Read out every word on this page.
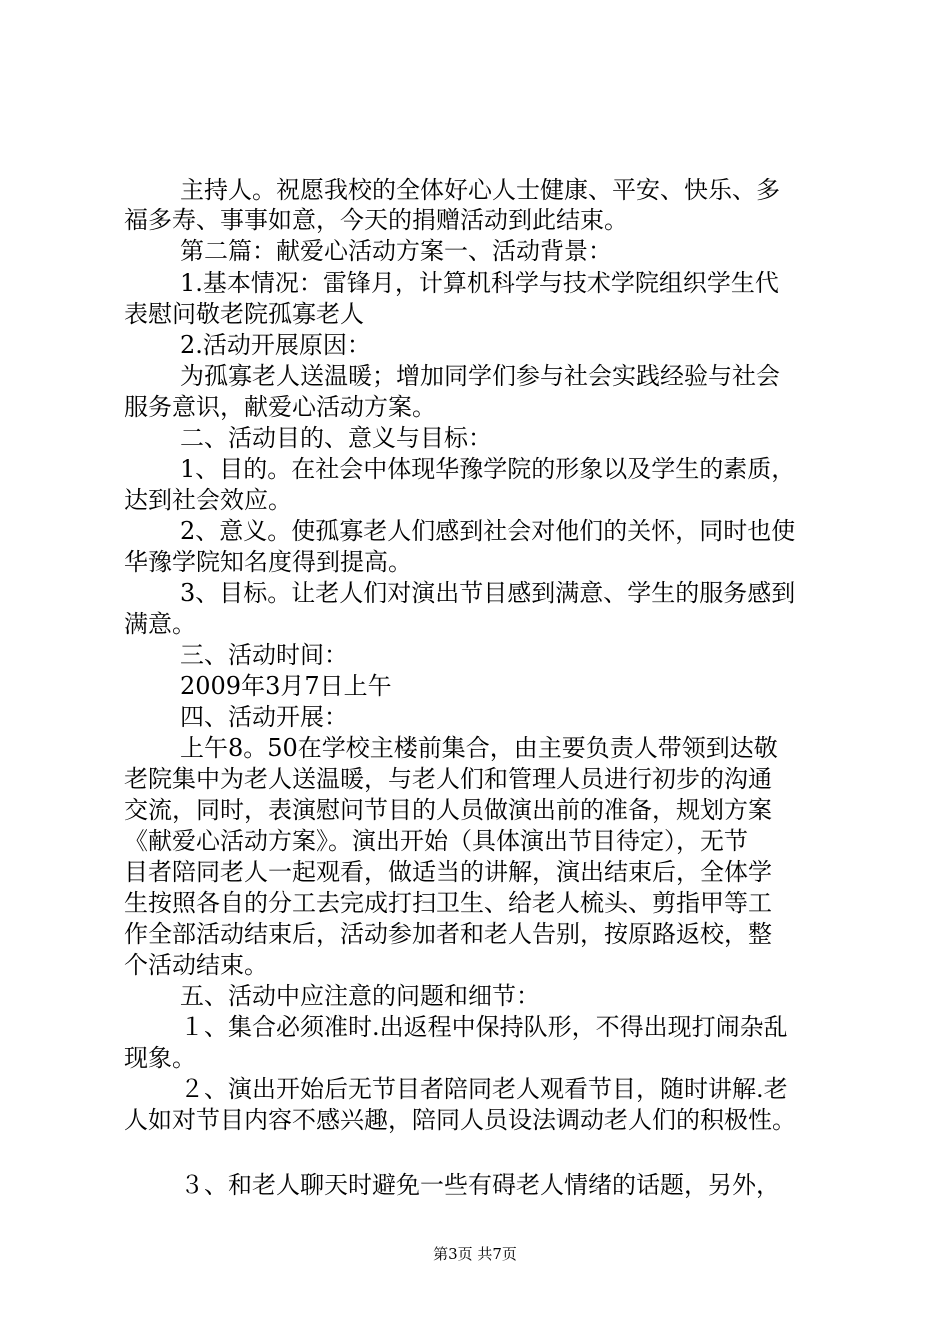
主持人。祝愿我校的全体好心人士健康、平安、快乐、多
福多寿、事事如意，今天的捐赠活动到此结束。
第二篇：献爱心活动方案一、活动背景：
1.基本情况：雷锋月，计算机科学与技术学院组织学生代
表慰问敬老院孤寡老人
2.活动开展原因：
为孤寡老人送温暖；增加同学们参与社会实践经验与社会
服务意识，献爱心活动方案。
二、活动目的、意义与目标：
1、目的。在社会中体现华豫学院的形象以及学生的素质，
达到社会效应。
2、意义。使孤寡老人们感到社会对他们的关怀，同时也使
华豫学院知名度得到提高。
3、目标。让老人们对演出节目感到满意、学生的服务感到
满意。
三、活动时间：
2009年3月7日上午
四、活动开展：
上午8。50在学校主楼前集合，由主要负责人带领到达敬
老院集中为老人送温暖，与老人们和管理人员进行初步的沟通
交流，同时，表演慰问节目的人员做演出前的准备，规划方案
《献爱心活动方案》。演出开始（具体演出节目待定），无节
目者陪同老人一起观看，做适当的讲解，演出结束后，全体学
生按照各自的分工去完成打扫卫生、给老人梳头、剪指甲等工
作全部活动结束后，活动参加者和老人告别，按原路返校，整
个活动结束。
五、活动中应注意的问题和细节：
１、集合必须准时.出返程中保持队形，不得出现打闹杂乱
现象。
２、演出开始后无节目者陪同老人观看节目，随时讲解.老
人如对节目内容不感兴趣，陪同人员设法调动老人们的积极性。
３、和老人聊天时避免一些有碍老人情绪的话题，另外，
第3页 共7页
